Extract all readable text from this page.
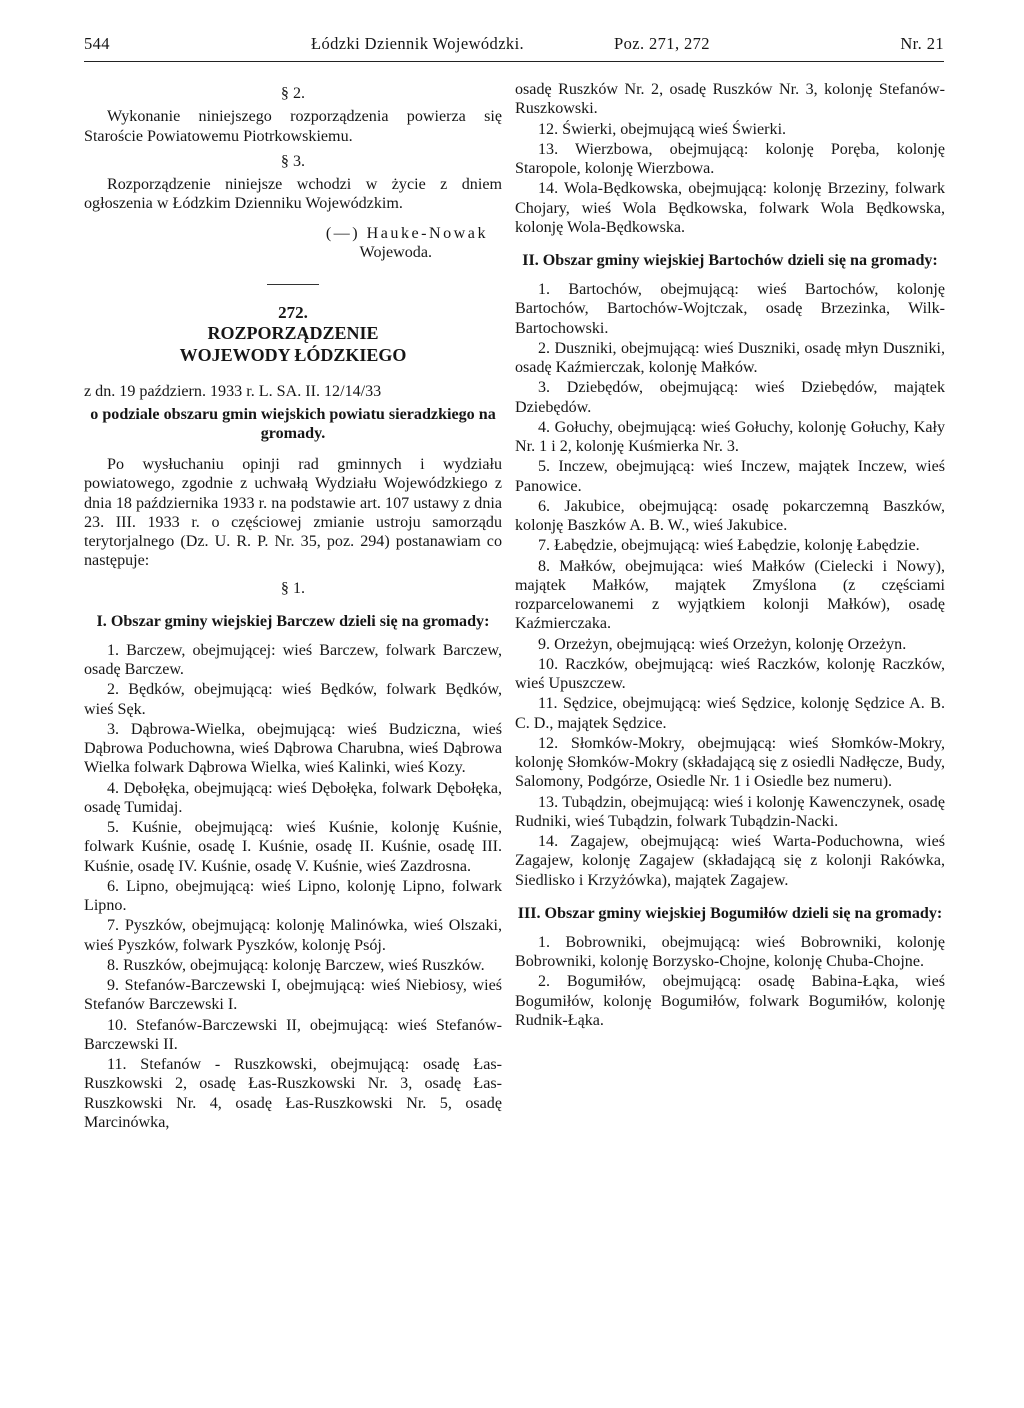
544	Łódzki Dziennik Wojewódzki.	Poz. 271, 272	Nr. 21
§ 2.

Wykonanie niniejszego rozporządzenia powierza się Staroście Powiatowemu Piotrkowskiemu.

§ 3.

Rozporządzenie niniejsze wchodzi w życie z dniem ogłoszenia w Łódzkim Dzienniku Wojewódzkim.

(—) Hauke-Nowak
Wojewoda.
272.
ROZPORZĄDZENIE
WOJEWODY ŁÓDZKIEGO

z dn. 19 październ. 1933 r. L. SA. II. 12/14/33

o podziale obszaru gmin wiejskich powiatu sieradzkiego na gromady.

Po wysłuchaniu opinji rad gminnych i wydziału powiatowego, zgodnie z uchwałą Wydziału Wojewódzkiego z dnia 18 października 1933 r. na podstawie art. 107 ustawy z dnia 23. III. 1933 r. o częściowej zmianie ustroju samorządu terytorjalnego (Dz. U. R. P. Nr. 35, poz. 294) postanawiam co następuje:

§ 1.
I. Obszar gminy wiejskiej Barczew dzieli się na gromady:

1. Barczew, obejmującej: wieś Barczew, folwark Barczew, osadę Barczew.

2. Będków, obejmującą: wieś Będków, folwark Będków, wieś Sęk.

3. Dąbrowa-Wielka, obejmującą: wieś Budziczna, wieś Dąbrowa Poduchowna, wieś Dąbrowa Charubna, wieś Dąbrowa Wielka folwark Dąbrowa Wielka, wieś Kalinki, wieś Kozy.

4. Dębołęka, obejmującą: wieś Dębołęka, folwark Dębołęka, osadę Tumidaj.

5. Kuśnie, obejmującą: wieś Kuśnie, kolonję Kuśnie, folwark Kuśnie, osadę I. Kuśnie, osadę II. Kuśnie, osadę III. Kuśnie, osadę IV. Kuśnie, osadę V. Kuśnie, wieś Zazdrosna.

6. Lipno, obejmującą: wieś Lipno, kolonję Lipno, folwark Lipno.

7. Pyszków, obejmującą: kolonję Malinówka, wieś Olszaki, wieś Pyszków, folwark Pyszków, kolonję Psój.

8. Ruszków, obejmującą: kolonję Barczew, wieś Ruszków.

9. Stefanów-Barczewski I, obejmującą: wieś Niebiosy, wieś Stefanów Barczewski I.

10. Stefanów-Barczewski II, obejmującą: wieś Stefanów-Barczewski II.

11. Stefanów - Ruszkowski, obejmującą: osadę Łas-Ruszkowski 2, osadę Łas-Ruszkowski Nr. 3, osadę Łas-Ruszkowski Nr. 4, osadę Łas-Ruszkowski Nr. 5, osadę Marcinówka,

osadę Ruszków Nr. 2, osadę Ruszków Nr. 3, kolonję Stefanów-Ruszkowski.

12. Świerki, obejmującą wieś Świerki.

13. Wierzbowa, obejmującą: kolonję Poręba, kolonję Staropole, kolonję Wierzbowa.

14. Wola-Będkowska, obejmującą: kolonję Brzeziny, folwark Chojary, wieś Wola Będkowska, folwark Wola Będkowska, kolonję Wola-Będkowska.

II. Obszar gminy wiejskiej Bartochów dzieli się na gromady:

1. Bartochów, obejmującą: wieś Bartochów, kolonję Bartochów, Bartochów-Wojtczak, osadę Brzezinka, Wilk-Bartochowski.

2. Duszniki, obejmującą: wieś Duszniki, osadę młyn Duszniki, osadę Kaźmierczak, kolonję Małków.

3. Dziebędów, obejmującą: wieś Dziebędów, majątek Dziebędów.

4. Gołuchy, obejmującą: wieś Gołuchy, kolonję Gołuchy, Kały Nr. 1 i 2, kolonję Kuśmierka Nr. 3.

5. Inczew, obejmującą: wieś Inczew, majątek Inczew, wieś Panowice.

6. Jakubice, obejmującą: osadę pokarczemną Baszków, kolonję Baszków A. B. W., wieś Jakubice.

7. Łabędzie, obejmującą: wieś Łabędzie, kolonję Łabędzie.

8. Małków, obejmująca: wieś Małków (Cielecki i Nowy), majątek Małków, majątek Zmyślona (z częściami rozparcelowanemi z wyjątkiem kolonji Małków), osadę Kaźmierczaka.

9. Orzeżyn, obejmującą: wieś Orzeżyn, kolonję Orzeżyn.

10. Raczków, obejmującą: wieś Raczków, kolonję Raczków, wieś Upuszczew.

11. Sędzice, obejmującą: wieś Sędzice, kolonję Sędzice A. B. C. D., majątek Sędzice.

12. Słomków-Mokry, obejmującą: wieś Słomków-Mokry, kolonję Słomków-Mokry (składającą się z osiedli Nadłęcze, Budy, Salomony, Podgórze, Osiedle Nr. 1 i Osiedle bez numeru).

13. Tubądzin, obejmującą: wieś i kolonję Kawenczynek, osadę Rudniki, wieś Tubądzin, folwark Tubądzin-Nacki.

14. Zagajew, obejmującą: wieś Warta-Poduchowna, wieś Zagajew, kolonję Zagajew (składającą się z kolonji Rakówka, Siedlisko i Krzyżówka), majątek Zagajew.

III. Obszar gminy wiejskiej Bogumiłów dzieli się na gromady:

1. Bobrowniki, obejmującą: wieś Bobrowniki, kolonję Bobrowniki, kolonję Borzysko-Chojne, kolonję Chuba-Chojne.

2. Bogumiłów, obejmującą: osadę Babina-Łąka, wieś Bogumiłów, kolonję Bogumiłów, folwark Bogumiłów, kolonję Rudnik-Łąka.
